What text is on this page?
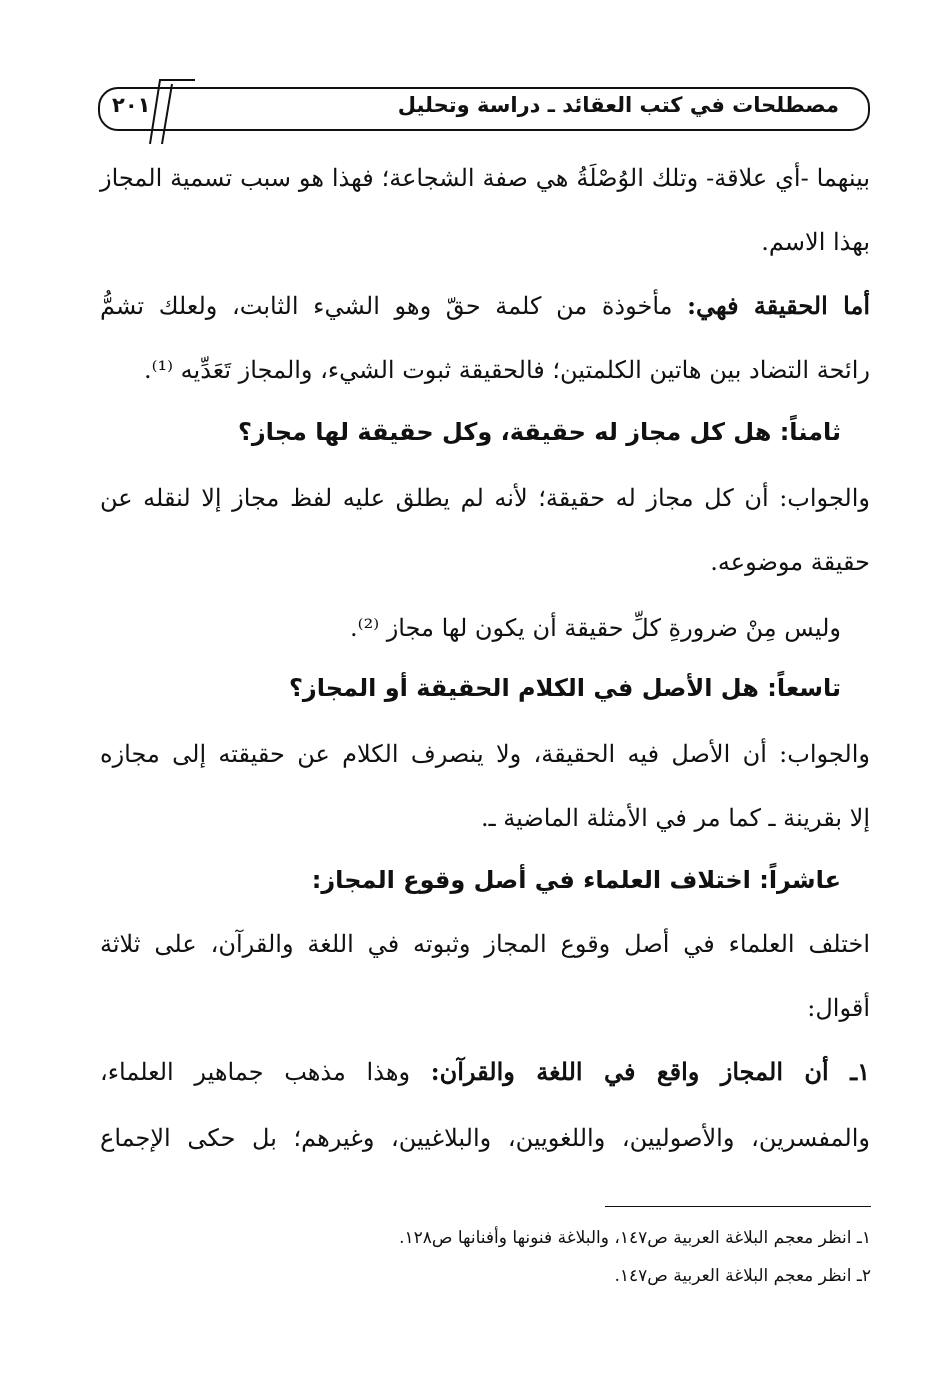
مصطلحات في كتب العقائد ـ دراسة وتحليل
٢٠١
بينهما -أي علاقة- وتلك الوُصْلَةُ هي صفة الشجاعة؛ فهذا هو سبب تسمية المجاز
بهذا الاسم.
أما الحقيقة فهي: مأخوذة من كلمة حقّ وهو الشيء الثابت، ولعلك تشمُّ
رائحة التضاد بين هاتين الكلمتين؛ فالحقيقة ثبوت الشيء، والمجاز تَعَدِّيه ⁽¹⁾.
ثامناً: هل كل مجاز له حقيقة، وكل حقيقة لها مجاز؟
والجواب: أن كل مجاز له حقيقة؛ لأنه لم يطلق عليه لفظ مجاز إلا لنقله عن
حقيقة موضوعه.
وليس مِنْ ضرورةِ كلِّ حقيقة أن يكون لها مجاز ⁽²⁾.
تاسعاً: هل الأصل في الكلام الحقيقة أو المجاز؟
والجواب: أن الأصل فيه الحقيقة، ولا ينصرف الكلام عن حقيقته إلى مجازه
إلا بقرينة ـ كما مر في الأمثلة الماضية ـ.
عاشراً: اختلاف العلماء في أصل وقوع المجاز:
اختلف العلماء في أصل وقوع المجاز وثبوته في اللغة والقرآن، على ثلاثة
أقوال:
١ـ أن المجاز واقع في اللغة والقرآن: وهذا مذهب جماهير العلماء،
والمفسرين، والأصوليين، واللغويين، والبلاغيين، وغيرهم؛ بل حكى الإجماع
١ـ انظر معجم البلاغة العربية ص١٤٧، والبلاغة فنونها وأفنانها ص١٢٨.
٢ـ انظر معجم البلاغة العربية ص١٤٧.
